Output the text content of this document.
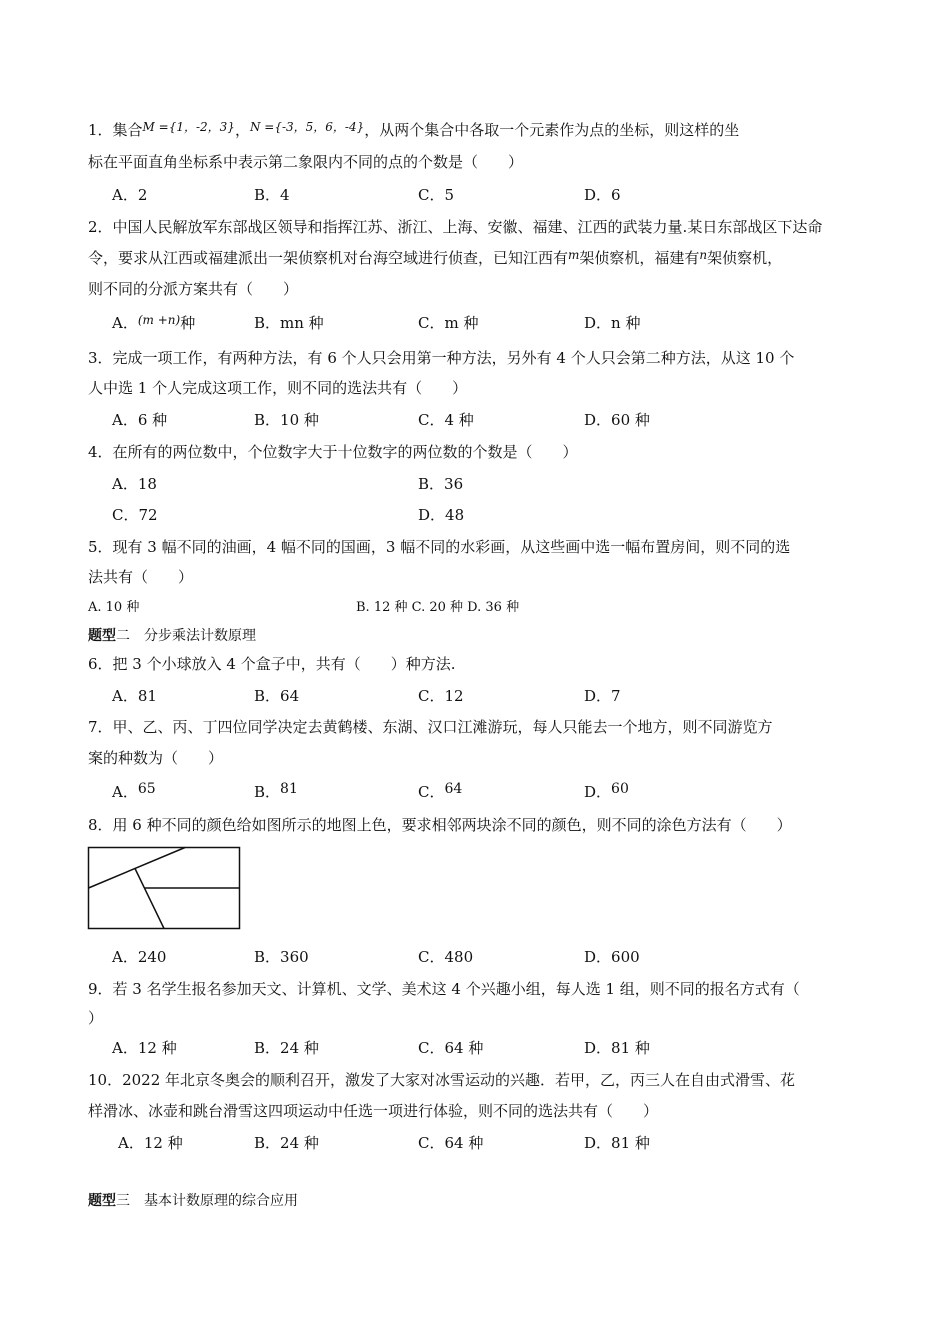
1．集合$^{M =\{1,-2,3\}}$，$^{N =\{-3,5,6,-4\}}$，从两个集合中各取一个元素作为点的坐标，则这样的坐
标在平面直角坐标系中表示第二象限内不同的点的个数是（　　）
A．2	B．4	C．5	D．6
2．中国人民解放军东部战区领导和指挥江苏、浙江、上海、安徽、福建、江西的武装力量.某日东部战区下达命
令，要求从江西或福建派出一架侦察机对台海空域进行侦查，已知江西有$^m$架侦察机，福建有$^n$架侦察机，
则不同的分派方案共有（　　）
A．$^{(m +n)}$种	B．mn 种	C．m 种	D．n 种
3．完成一项工作，有两种方法，有 6 个人只会用第一种方法，另外有 4 个人只会第二种方法，从这 10 个
人中选 1 个人完成这项工作，则不同的选法共有（　　）
A．6 种	B．10 种	C．4 种	D．60 种
4．在所有的两位数中，个位数字大于十位数字的两位数的个数是（　　）
A．18	B．36
C．72	D．48
5．现有 3 幅不同的油画，4 幅不同的国画，3 幅不同的水彩画，从这些画中选一幅布置房间，则不同的选
法共有（　　）
A. 10 种	B. 12 种 C. 20 种 D. 36 种
题型二　分步乘法计数原理
6．把 3 个小球放入 4 个盒子中，共有（　　）种方法.
A．81	B．64	C．12	D．7
7．甲、乙、丙、丁四位同学决定去黄鹤楼、东湖、汉口江滩游玩，每人只能去一个地方，则不同游览方
案的种数为（　　）
A．65	B．81	C．64	D．60
8．用 6 种不同的颜色给如图所示的地图上色，要求相邻两块涂不同的颜色，则不同的涂色方法有（　　）
A．240	B．360	C．480	D．600
9．若 3 名学生报名参加天文、计算机、文学、美术这 4 个兴趣小组，每人选 1 组，则不同的报名方式有（
）
A．12 种	B．24 种	C．64 种	D．81 种
10．2022 年北京冬奥会的顺利召开，激发了大家对冰雪运动的兴趣．若甲，乙，丙三人在自由式滑雪、花
样滑冰、冰壶和跳台滑雪这四项运动中任选一项进行体验，则不同的选法共有（　　）
A．12 种	B．24 种	C．64 种	D．81 种
题型三　基本计数原理的综合应用
